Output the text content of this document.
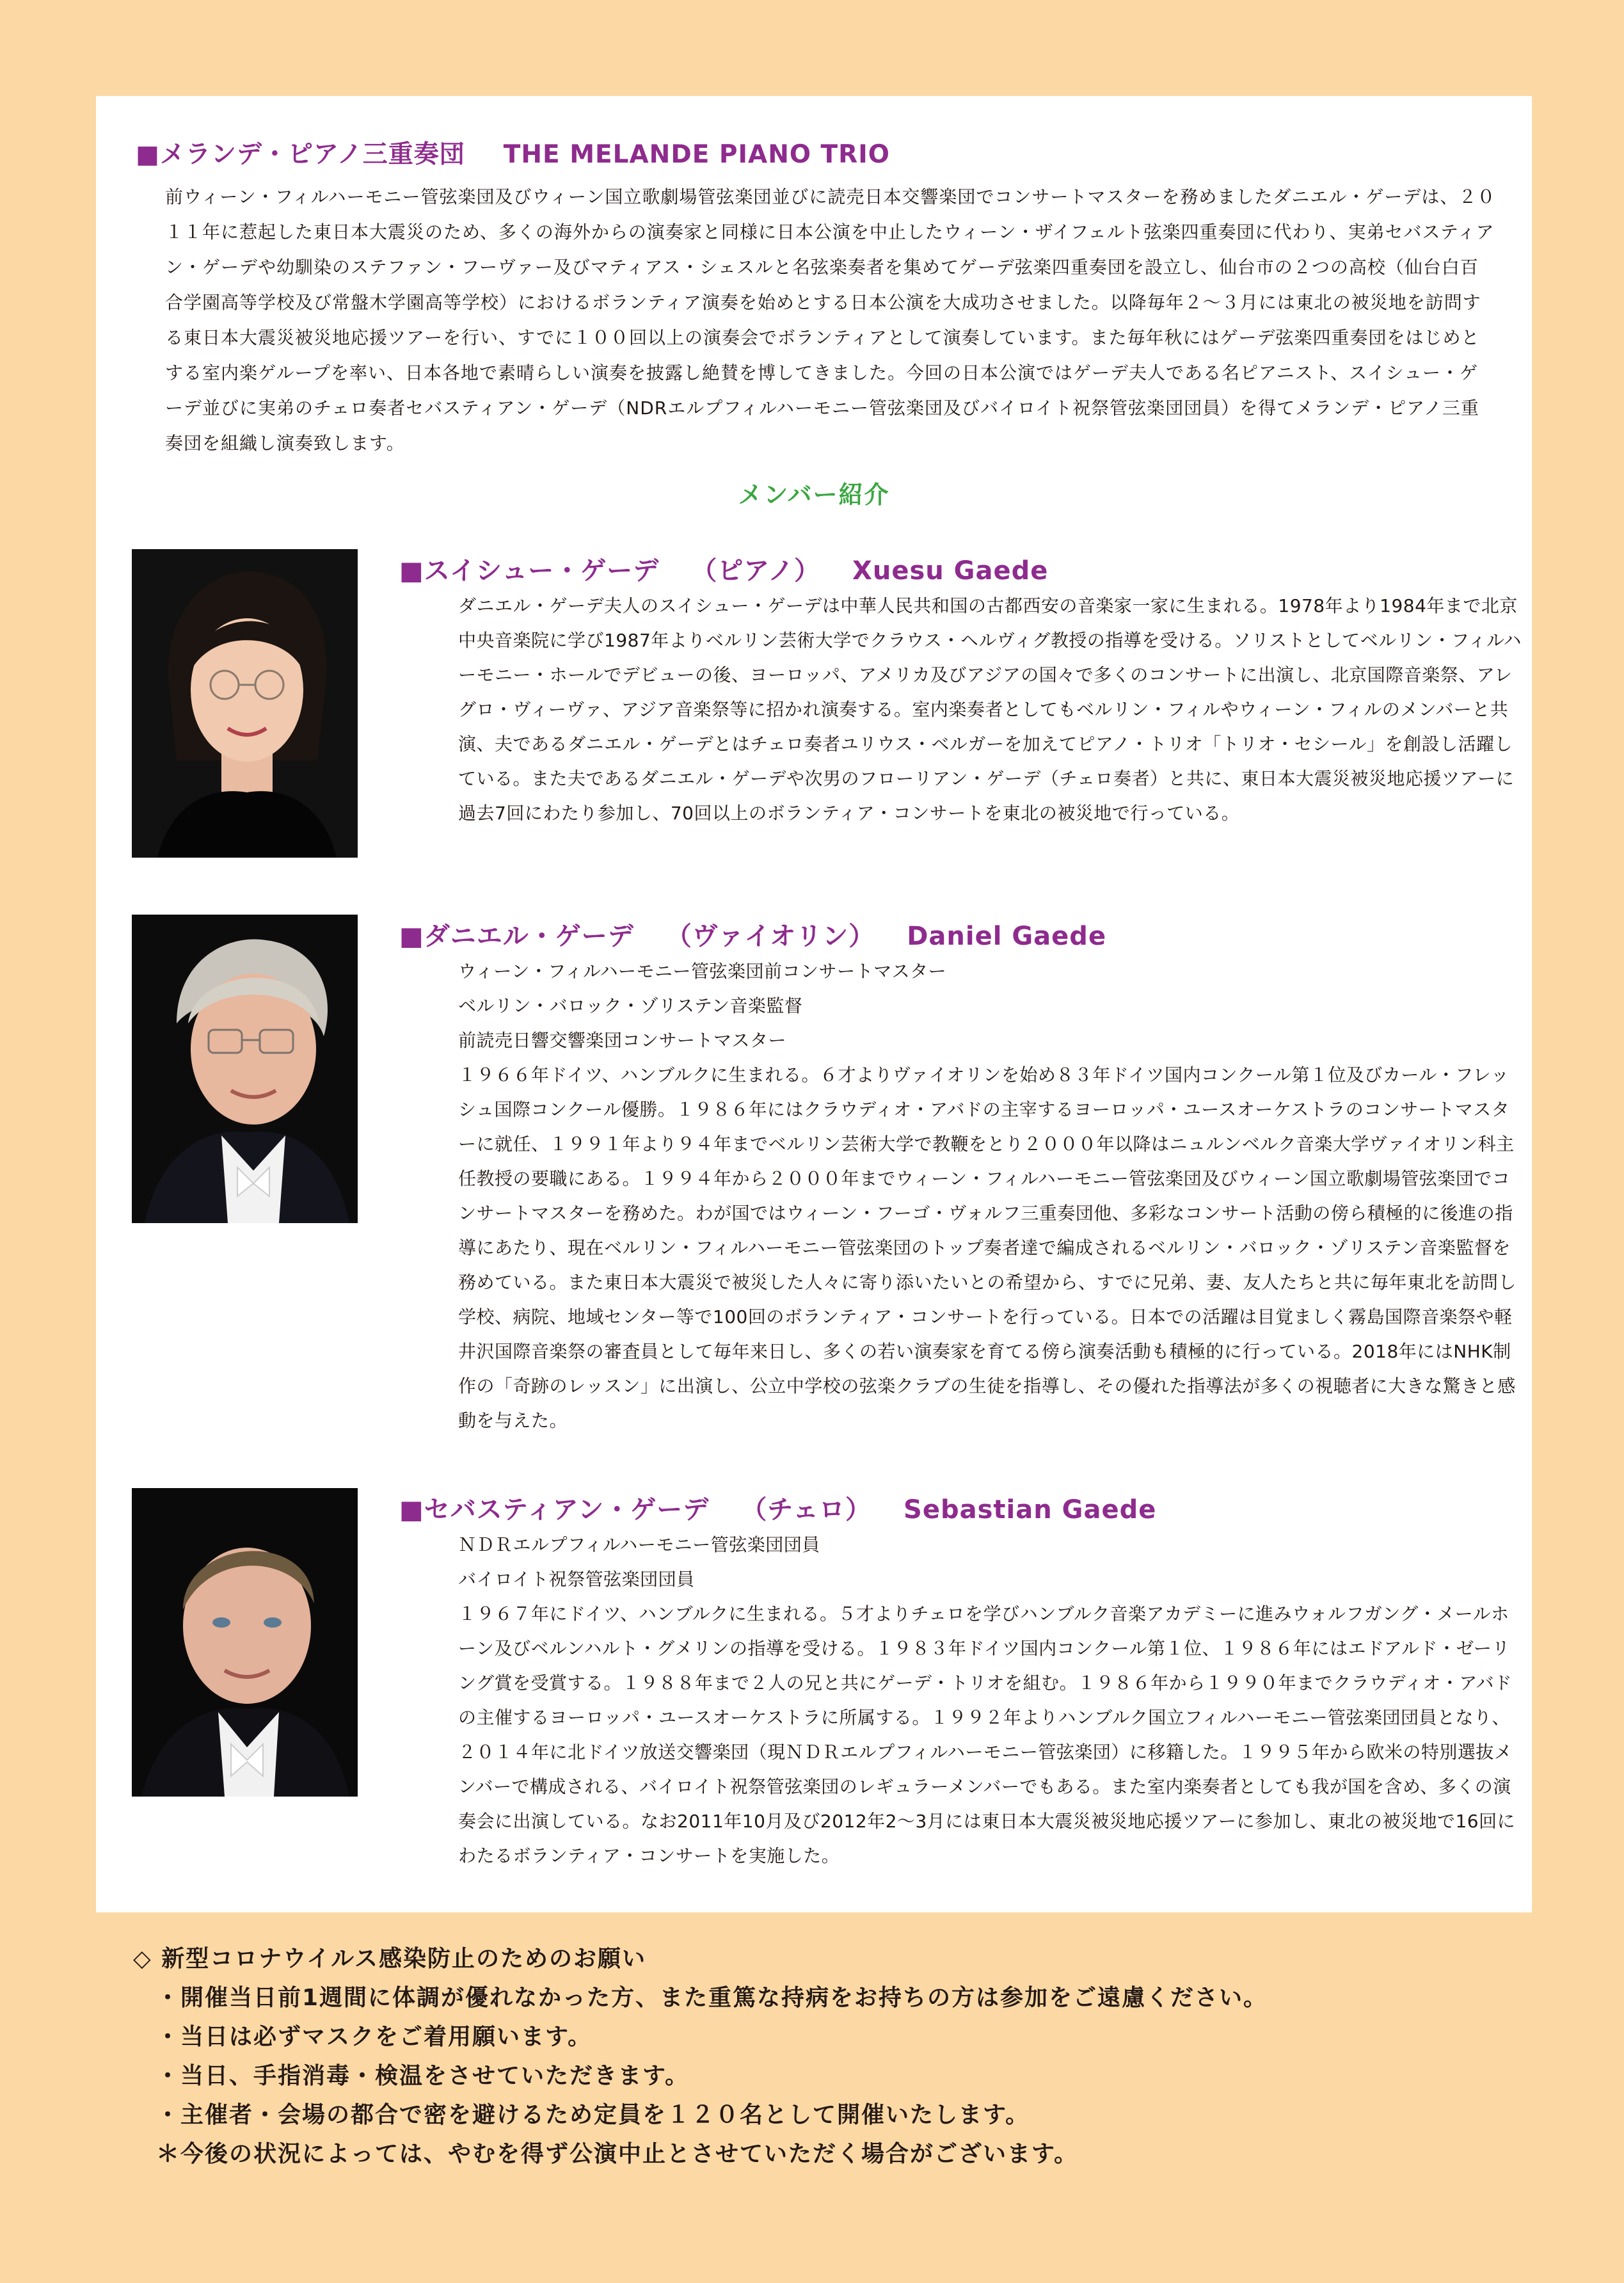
■メランデ・ピアノ三重奏団 THE MELANDE PIANO TRIO
前ウィーン・フィルハーモニー管弦楽団及びウィーン国立歌劇場管弦楽団並びに読売日本交響楽団でコンサートマスターを務めましたダニエル・ゲーデは、２０１１年に惹起した東日本大震災のため、多くの海外からの演奏家と同様に日本公演を中止したウィーン・ザイフェルト弦楽四重奏団に代わり、実弟セバスティアン・ゲーデや幼馴染のステファン・フーヴァー及びマティアス・シェスルと名弦楽奏者を集めてゲーデ弦楽四重奏団を設立し、仙台市の２つの高校（仙台白百合学園高等学校及び常盤木学園高等学校）におけるボランティア演奏を始めとする日本公演を大成功させました。以降毎年２～３月には東北の被災地を訪問する東日本大震災被災地応援ツアーを行い、すでに１００回以上の演奏会でボランティアとして演奏しています。また毎年秋にはゲーデ弦楽四重奏団をはじめとする室内楽ゲループを率い、日本各地で素晴らしい演奏を披露し絶賛を博してきました。今回の日本公演ではゲーデ夫人である名ピアニスト、スイシュー・ゲーデ並びに実弟のチェロ奏者セバスティアン・ゲーデ（NDRエルプフィルハーモニー管弦楽団及びバイロイト祝祭管弦楽団団員）を得てメランデ・ピアノ三重奏団を組織し演奏致します。
メンバー紹介
■スイシュー・ゲーデ （ピアノ） Xuesu Gaede

ダニエル・ゲーデ夫人のスイシュー・ゲーデは中華人民共和国の古都西安の音楽家一家に生まれる。1978年より1984年まで北京中央音楽院に学び1987年よりベルリン芸術大学でクラウス・ヘルヴィグ教授の指導を受ける。ソリストとしてベルリン・フィルハーモニー・ホールでデビューの後、ヨーロッパ、アメリカ及びアジアの国々で多くのコンサートに出演し、北京国際音楽祭、アレグロ・ヴィーヴァ、アジア音楽祭等に招かれ演奏する。室内楽奏者としてもベルリン・フィルやウィーン・フィルのメンバーと共演、夫であるダニエル・ゲーデとはチェロ奏者ユリウス・ベルガーを加えてピアノ・トリオ「トリオ・セシール」を創設し活躍している。また夫であるダニエル・ゲーデや次男のフローリアン・ゲーデ（チェロ奏者）と共に、東日本大震災被災地応援ツアーに過去7回にわたり参加し、70回以上のボランティア・コンサートを東北の被災地で行っている。

■ダニエル・ゲーデ （ヴァイオリン） Daniel Gaede

ウィーン・フィルハーモニー管弦楽団前コンサートマスター

ベルリン・バロック・ゾリステン音楽監督

前読売日響交響楽団コンサートマスター

１９６６年ドイツ、ハンブルクに生まれる。６才よりヴァイオリンを始め８３年ドイツ国内コンクール第１位及びカール・フレッシュ国際コンクール優勝。１９８６年にはクラウディオ・アバドの主宰するヨーロッパ・ユースオーケストラのコンサートマスターに就任、１９９１年より９４年までベルリン芸術大学で教鞭をとり２０００年以降はニュルンベルク音楽大学ヴァイオリン科主任教授の要職にある。１９９４年から２０００年までウィーン・フィルハーモニー管弦楽団及びウィーン国立歌劇場管弦楽団でコンサートマスターを務めた。わが国ではウィーン・フーゴ・ヴォルフ三重奏団他、多彩なコンサート活動の傍ら積極的に後進の指導にあたり、現在ベルリン・フィルハーモニー管弦楽団のトップ奏者達で編成されるベルリン・バロック・ゾリステン音楽監督を務めている。また東日本大震災で被災した人々に寄り添いたいとの希望から、すでに兄弟、妻、友人たちと共に毎年東北を訪問し学校、病院、地域センター等で100回のボランティア・コンサートを行っている。日本での活躍は目覚ましく霧島国際音楽祭や軽井沢国際音楽祭の審査員として毎年来日し、多くの若い演奏家を育てる傍ら演奏活動も積極的に行っている。2018年にはNHK制作の「奇跡のレッスン」に出演し、公立中学校の弦楽クラブの生徒を指導し、その優れた指導法が多くの視聴者に大きな驚きと感動を与えた。

■セバスティアン・ゲーデ （チェロ） Sebastian Gaede

ＮＤＲエルプフィルハーモニー管弦楽団団員

バイロイト祝祭管弦楽団団員

１９６７年にドイツ、ハンブルクに生まれる。５才よりチェロを学びハンブルク音楽アカデミーに進みウォルフガング・メールホーン及びベルンハルト・グメリンの指導を受ける。１９８３年ドイツ国内コンクール第１位、１９８６年にはエドアルド・ゼーリング賞を受賞する。１９８８年まで２人の兄と共にゲーデ・トリオを組む。１９８６年から１９９０年までクラウディオ・アバドの主催するヨーロッパ・ユースオーケストラに所属する。１９９２年よりハンブルク国立フィルハーモニー管弦楽団団員となり、２０１４年に北ドイツ放送交響楽団（現ＮＤＲエルプフィルハーモニー管弦楽団）に移籍した。１９９５年から欧米の特別選抜メンバーで構成される、バイロイト祝祭管弦楽団のレギュラーメンバーでもある。また室内楽奏者としても我が国を含め、多くの演奏会に出演している。なお2011年10月及び2012年2～3月には東日本大震災被災地応援ツアーに参加し、東北の被災地で16回にわたるボランティア・コンサートを実施した。

◇ 新型コロナウイルス感染防止のためのお願い

・開催当日前1週間に体調が優れなかった方、また重篤な持病をお持ちの方は参加をご遠慮ください。

・当日は必ずマスクをご着用願います。

・当日、手指消毒・検温をさせていただきます。

・主催者・会場の都合で密を避けるため定員を１２０名として開催いたします。

＊今後の状況によっては、やむを得ず公演中止とさせていただく場合がございます。
